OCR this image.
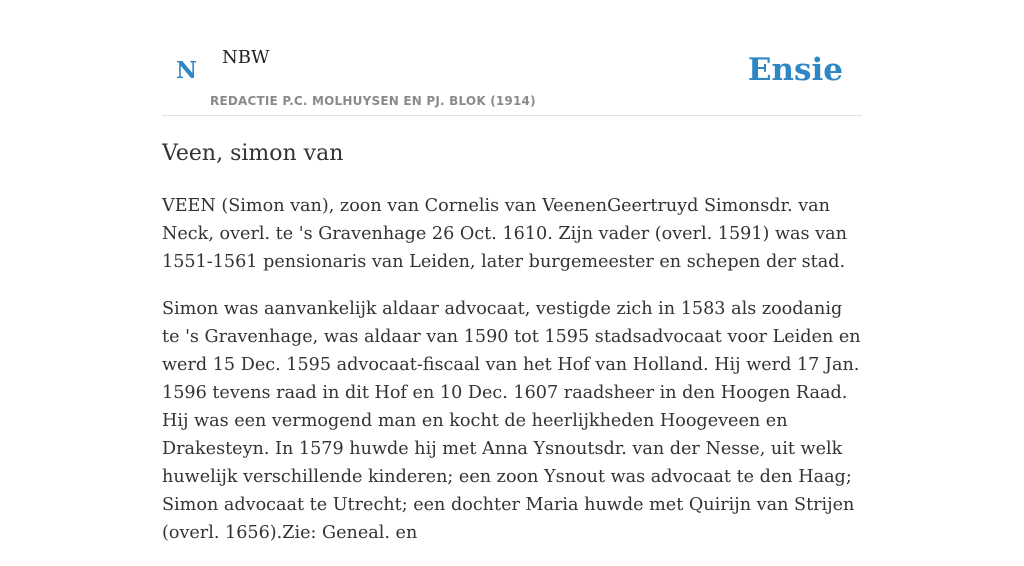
N NBW
REDACTIE P.C. MOLHUYSEN EN PJ. BLOK (1914)
Ensie
Veen, simon van

VEEN (Simon van), zoon van Cornelis van VeenenGeertruyd Simonsdr. van Neck, overl. te 's Gravenhage 26 Oct. 1610. Zijn vader (overl. 1591) was van 1551-1561 pensionaris van Leiden, later burgemeester en schepen der stad.

Simon was aanvankelijk aldaar advocaat, vestigde zich in 1583 als zoodanig te 's Gravenhage, was aldaar van 1590 tot 1595 stadsadvocaat voor Leiden en werd 15 Dec. 1595 advocaat-fiscaal van het Hof van Holland. Hij werd 17 Jan. 1596 tevens raad in dit Hof en 10 Dec. 1607 raadsheer in den Hoogen Raad. Hij was een vermogend man en kocht de heerlijkheden Hoogeveen en Drakesteyn. In 1579 huwde hij met Anna Ysnoutsdr. van der Nesse, uit welk huwelijk verschillende kinderen; een zoon Ysnout was advocaat te den Haag; Simon advocaat te Utrecht; een dochter Maria huwde met Quirijn van Strijen (overl. 1656).Zie: Geneal. en
